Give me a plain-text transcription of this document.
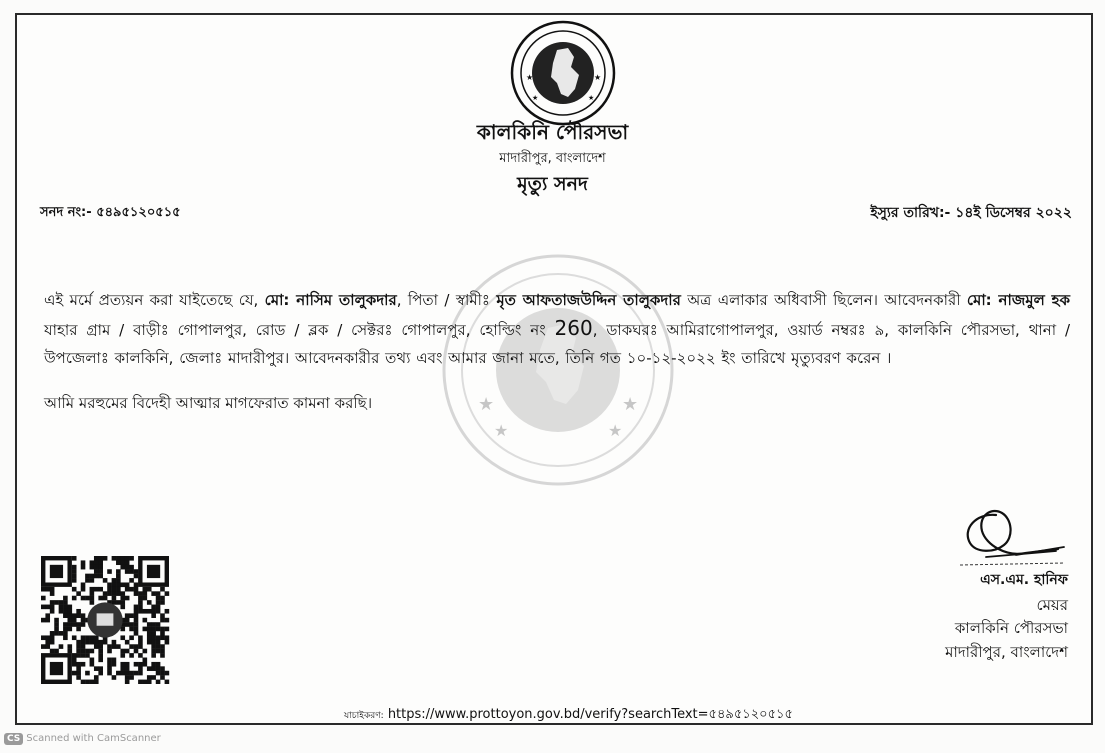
★	★
★	★
★	★
★	★
কালকিনি পৌরসভা
মাদারীপুর, বাংলাদেশ
মৃত্যু সনদ
সনদ নং:- ৫৪৯৫১২০৫১৫	ইস্যুর তারিখ:- ১৪ই ডিসেম্বর ২০২২
এই মর্মে প্রত্যয়ন করা যাইতেছে যে, মো: নাসিম তালুকদার, পিতা / স্বামীঃ মৃত আফতাজউদ্দিন তালুকদার অত্র এলাকার অধিবাসী ছিলেন। আবেদনকারী মো: নাজমুল হক যাহার গ্রাম / বাড়ীঃ গোপালপুর, রোড / ব্লক / সেক্টরঃ গোপালপুর, হোল্ডিং নং 260, ডাকঘরঃ আমিরাগোপালপুর, ওয়ার্ড নম্বরঃ ৯, কালকিনি পৌরসভা, থানা / উপজেলাঃ কালকিনি, জেলাঃ মাদারীপুর। আবেদনকারীর তথ্য এবং আমার জানা মতে, তিনি গত ১০-১২-২০২২ ইং তারিখে মৃত্যুবরণ করেন ।
আমি মরহুমের বিদেহী আত্মার মাগফেরাত কামনা করছি।
এস.এম. হানিফ
মেয়র
কালকিনি পৌরসভা
মাদারীপুর, বাংলাদেশ
যাচাইকরণ: https://www.prottoyon.gov.bd/verify?searchText=৫৪৯৫১২০৫১৫
CS Scanned with CamScanner
